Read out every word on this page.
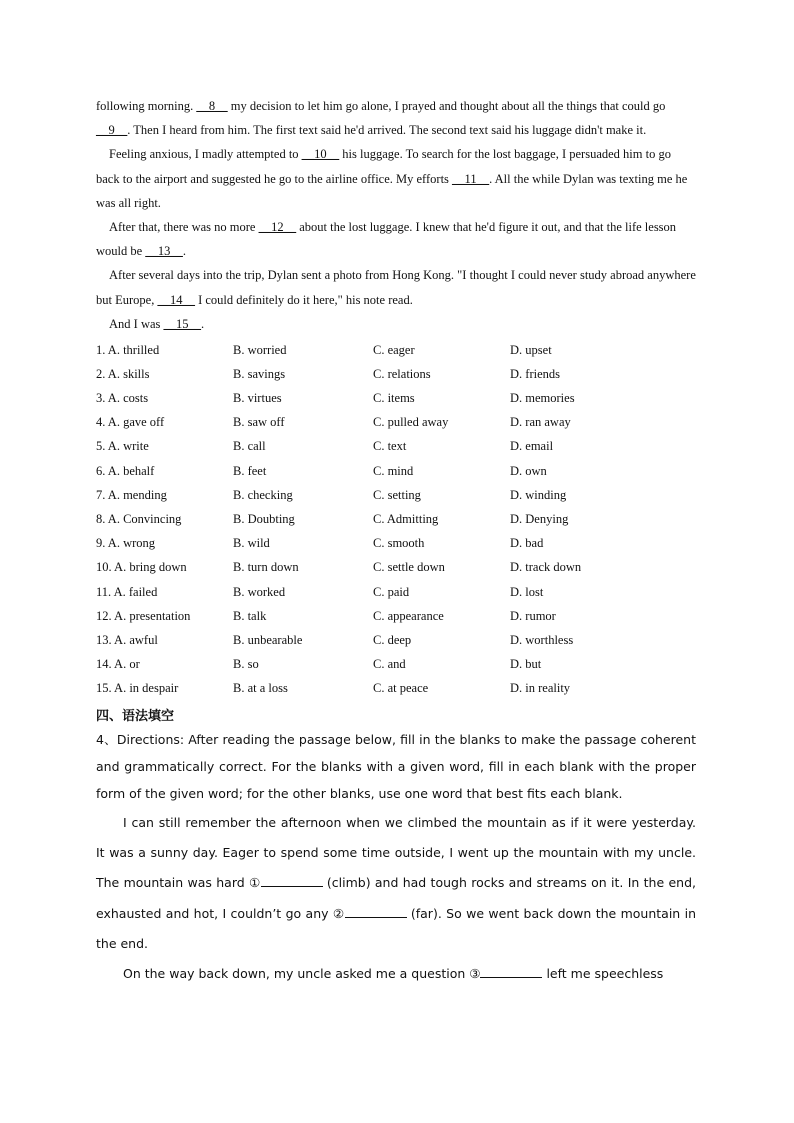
following morning. __8__ my decision to let him go alone, I prayed and thought about all the things that could go __9__. Then I heard from him. The first text said he'd arrived. The second text said his luggage didn't make it.

Feeling anxious, I madly attempted to __10__ his luggage. To search for the lost baggage, I persuaded him to go back to the airport and suggested he go to the airline office. My efforts __11__. All the while Dylan was texting me he was all right.

After that, there was no more __12__ about the lost luggage. I knew that he'd figure it out, and that the life lesson would be __13__.

After several days into the trip, Dylan sent a photo from Hong Kong. "I thought I could never study abroad anywhere but Europe, __14__ I could definitely do it here," his note read.

And I was __15__.

1. A. thrilled	B. worried	C. eager	D. upset
2. A. skills	B. savings	C. relations	D. friends
3. A. costs	B. virtues	C. items	D. memories
4. A. gave off	B. saw off	C. pulled away	D. ran away
5. A. write	B. call	C. text	D. email
6. A. behalf	B. feet	C. mind	D. own
7. A. mending	B. checking	C. setting	D. winding
8. A. Convincing	B. Doubting	C. Admitting	D. Denying
9. A. wrong	B. wild	C. smooth	D. bad
10. A. bring down	B. turn down	C. settle down	D. track down
11. A. failed	B. worked	C. paid	D. lost
12. A. presentation	B. talk	C. appearance	D. rumor
13. A. awful	B. unbearable	C. deep	D. worthless
14. A. or	B. so	C. and	D. but
15. A. in despair	B. at a loss	C. at peace	D. in reality
四、语法填空

4、Directions: After reading the passage below, fill in the blanks to make the passage coherent and grammatically correct. For the blanks with a given word, fill in each blank with the proper form of the given word; for the other blanks, use one word that best fits each blank.

I can still remember the afternoon when we climbed the mountain as if it were yesterday. It was a sunny day. Eager to spend some time outside, I went up the mountain with my uncle. The mountain was hard ①	(climb) and had tough rocks and streams on it. In the end, exhausted and hot, I couldn’t go any ②	(far). So we went back down the mountain in the end.

On the way back down, my uncle asked me a question ③	left me speechless
